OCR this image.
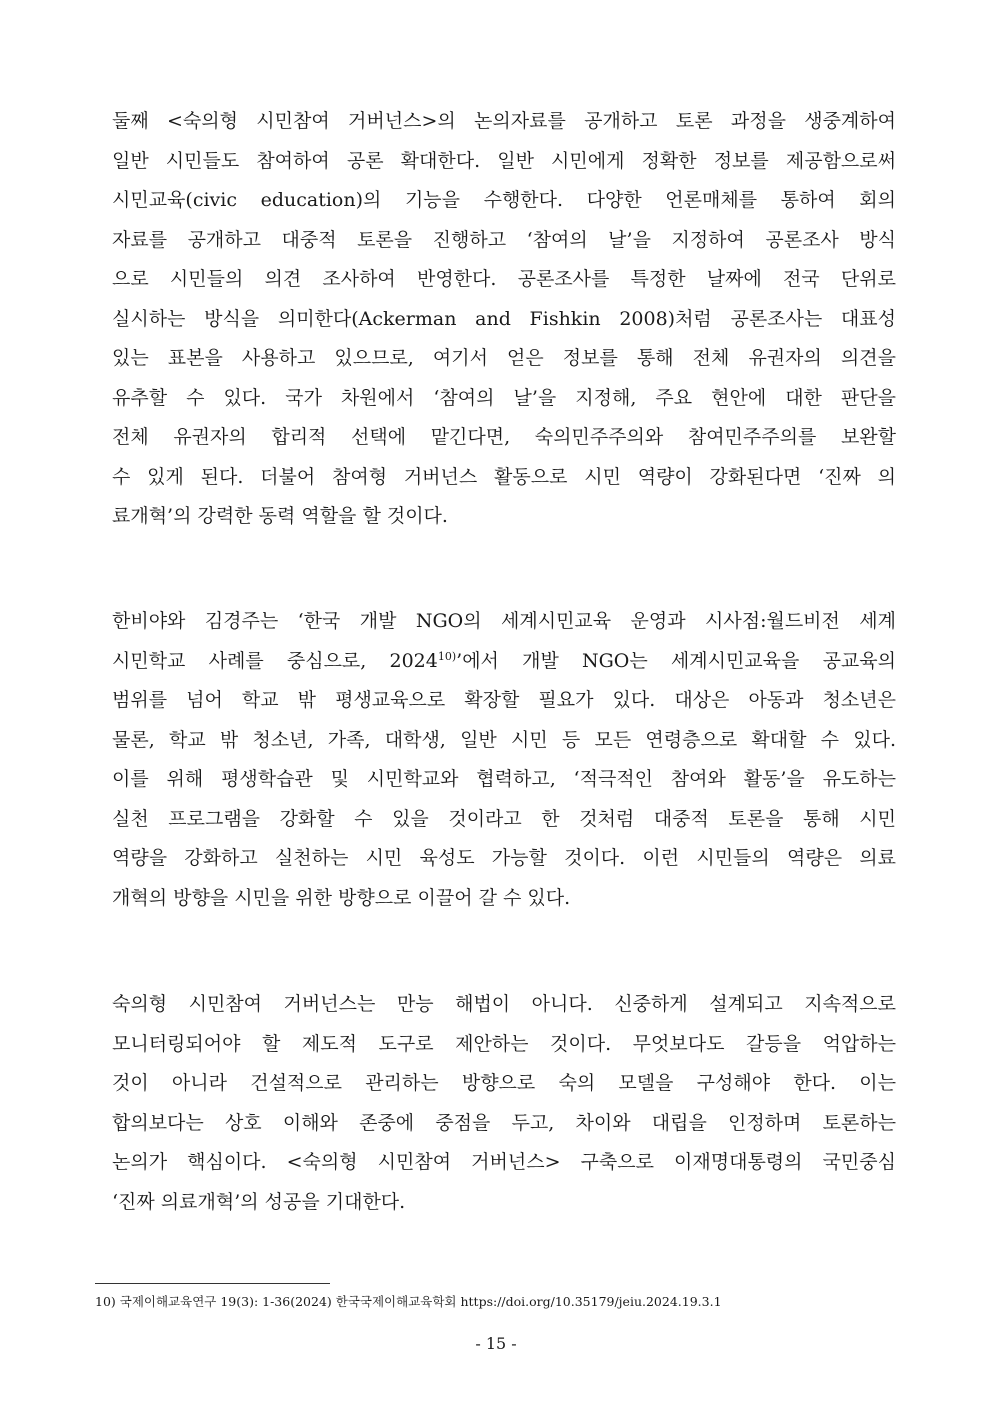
둘째 <숙의형 시민참여 거버넌스>의 논의자료를 공개하고 토론 과정을 생중계하여
일반 시민들도 참여하여 공론 확대한다. 일반 시민에게 정확한 정보를 제공함으로써
시민교육(civic education)의 기능을 수행한다. 다양한 언론매체를 통하여 회의
자료를 공개하고 대중적 토론을 진행하고 ‘참여의 날’을 지정하여 공론조사 방식
으로 시민들의 의견 조사하여 반영한다. 공론조사를 특정한 날짜에 전국 단위로
실시하는 방식을 의미한다(Ackerman and Fishkin 2008)처럼 공론조사는 대표성
있는 표본을 사용하고 있으므로, 여기서 얻은 정보를 통해 전체 유권자의 의견을
유추할 수 있다. 국가 차원에서 ‘참여의 날’을 지정해, 주요 현안에 대한 판단을
전체 유권자의 합리적 선택에 맡긴다면, 숙의민주주의와 참여민주주의를 보완할
수 있게 된다. 더불어 참여형 거버넌스 활동으로 시민 역량이 강화된다면 ‘진짜 의
료개혁’의 강력한 동력 역할을 할 것이다.
한비야와 김경주는 ‘한국 개발 NGO의 세계시민교육 운영과 시사점:월드비전 세계
시민학교 사례를 중심으로, 2024$^{10)}$’에서 개발 NGO는 세계시민교육을 공교육의
범위를 넘어 학교 밖 평생교육으로 확장할 필요가 있다. 대상은 아동과 청소년은
물론, 학교 밖 청소년, 가족, 대학생, 일반 시민 등 모든 연령층으로 확대할 수 있다.
이를 위해 평생학습관 및 시민학교와 협력하고, ‘적극적인 참여와 활동’을 유도하는
실천 프로그램을 강화할 수 있을 것이라고 한 것처럼 대중적 토론을 통해 시민
역량을 강화하고 실천하는 시민 육성도 가능할 것이다. 이런 시민들의 역량은 의료
개혁의 방향을 시민을 위한 방향으로 이끌어 갈 수 있다.
숙의형 시민참여 거버넌스는 만능 해법이 아니다. 신중하게 설계되고 지속적으로
모니터링되어야 할 제도적 도구로 제안하는 것이다. 무엇보다도 갈등을 억압하는
것이 아니라 건설적으로 관리하는 방향으로 숙의 모델을 구성해야 한다. 이는
합의보다는 상호 이해와 존중에 중점을 두고, 차이와 대립을 인정하며 토론하는
논의가 핵심이다. <숙의형 시민참여 거버넌스> 구축으로 이재명대통령의 국민중심
‘진짜 의료개혁’의 성공을 기대한다.
10) 국제이해교육연구 19(3): 1-36(2024) 한국국제이해교육학회 https://doi.org/10.35179/jeiu.2024.19.3.1
- 15 -
